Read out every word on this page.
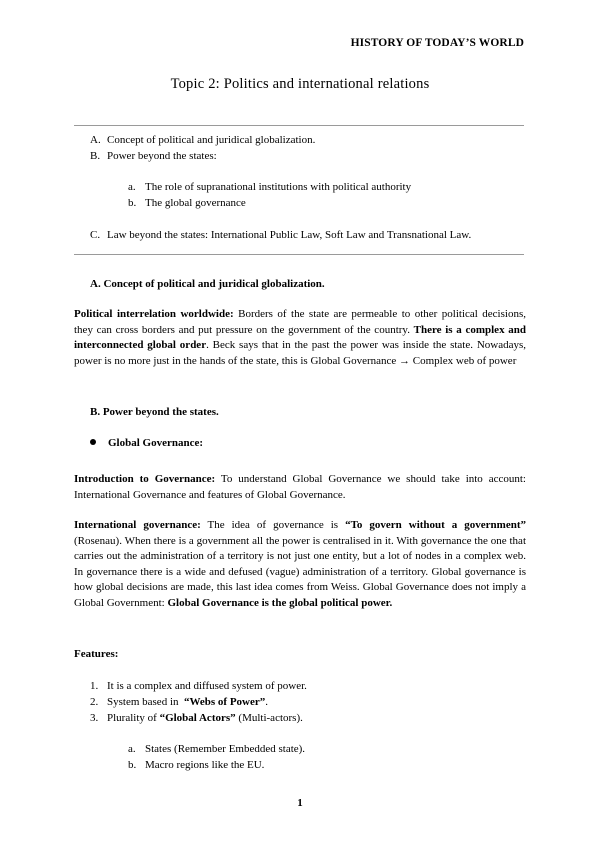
HISTORY OF TODAY’S WORLD
Topic 2: Politics and international relations
A. Concept of political and juridical globalization.
B. Power beyond the states:
a. The role of supranational institutions with political authority
b. The global governance
C. Law beyond the states: International Public Law, Soft Law and Transnational Law.
A. Concept of political and juridical globalization.
Political interrelation worldwide: Borders of the state are permeable to other political decisions, they can cross borders and put pressure on the government of the country. There is a complex and interconnected global order. Beck says that in the past the power was inside the state. Nowadays, power is no more just in the hands of the state, this is Global Governance → Complex web of power
B. Power beyond the states.
Global Governance:
Introduction to Governance: To understand Global Governance we should take into account: International Governance and features of Global Governance.
International governance: The idea of governance is “To govern without a government” (Rosenau). When there is a government all the power is centralised in it. With governance the one that carries out the administration of a territory is not just one entity, but a lot of nodes in a complex web. In governance there is a wide and defused (vague) administration of a territory. Global governance is how global decisions are made, this last idea comes from Weiss. Global Governance does not imply a Global Government: Global Governance is the global political power.
Features:
1. It is a complex and diffused system of power.
2. System based in  “Webs of Power”.
3. Plurality of “Global Actors” (Multi-actors).
a. States (Remember Embedded state).
b. Macro regions like the EU.
1
